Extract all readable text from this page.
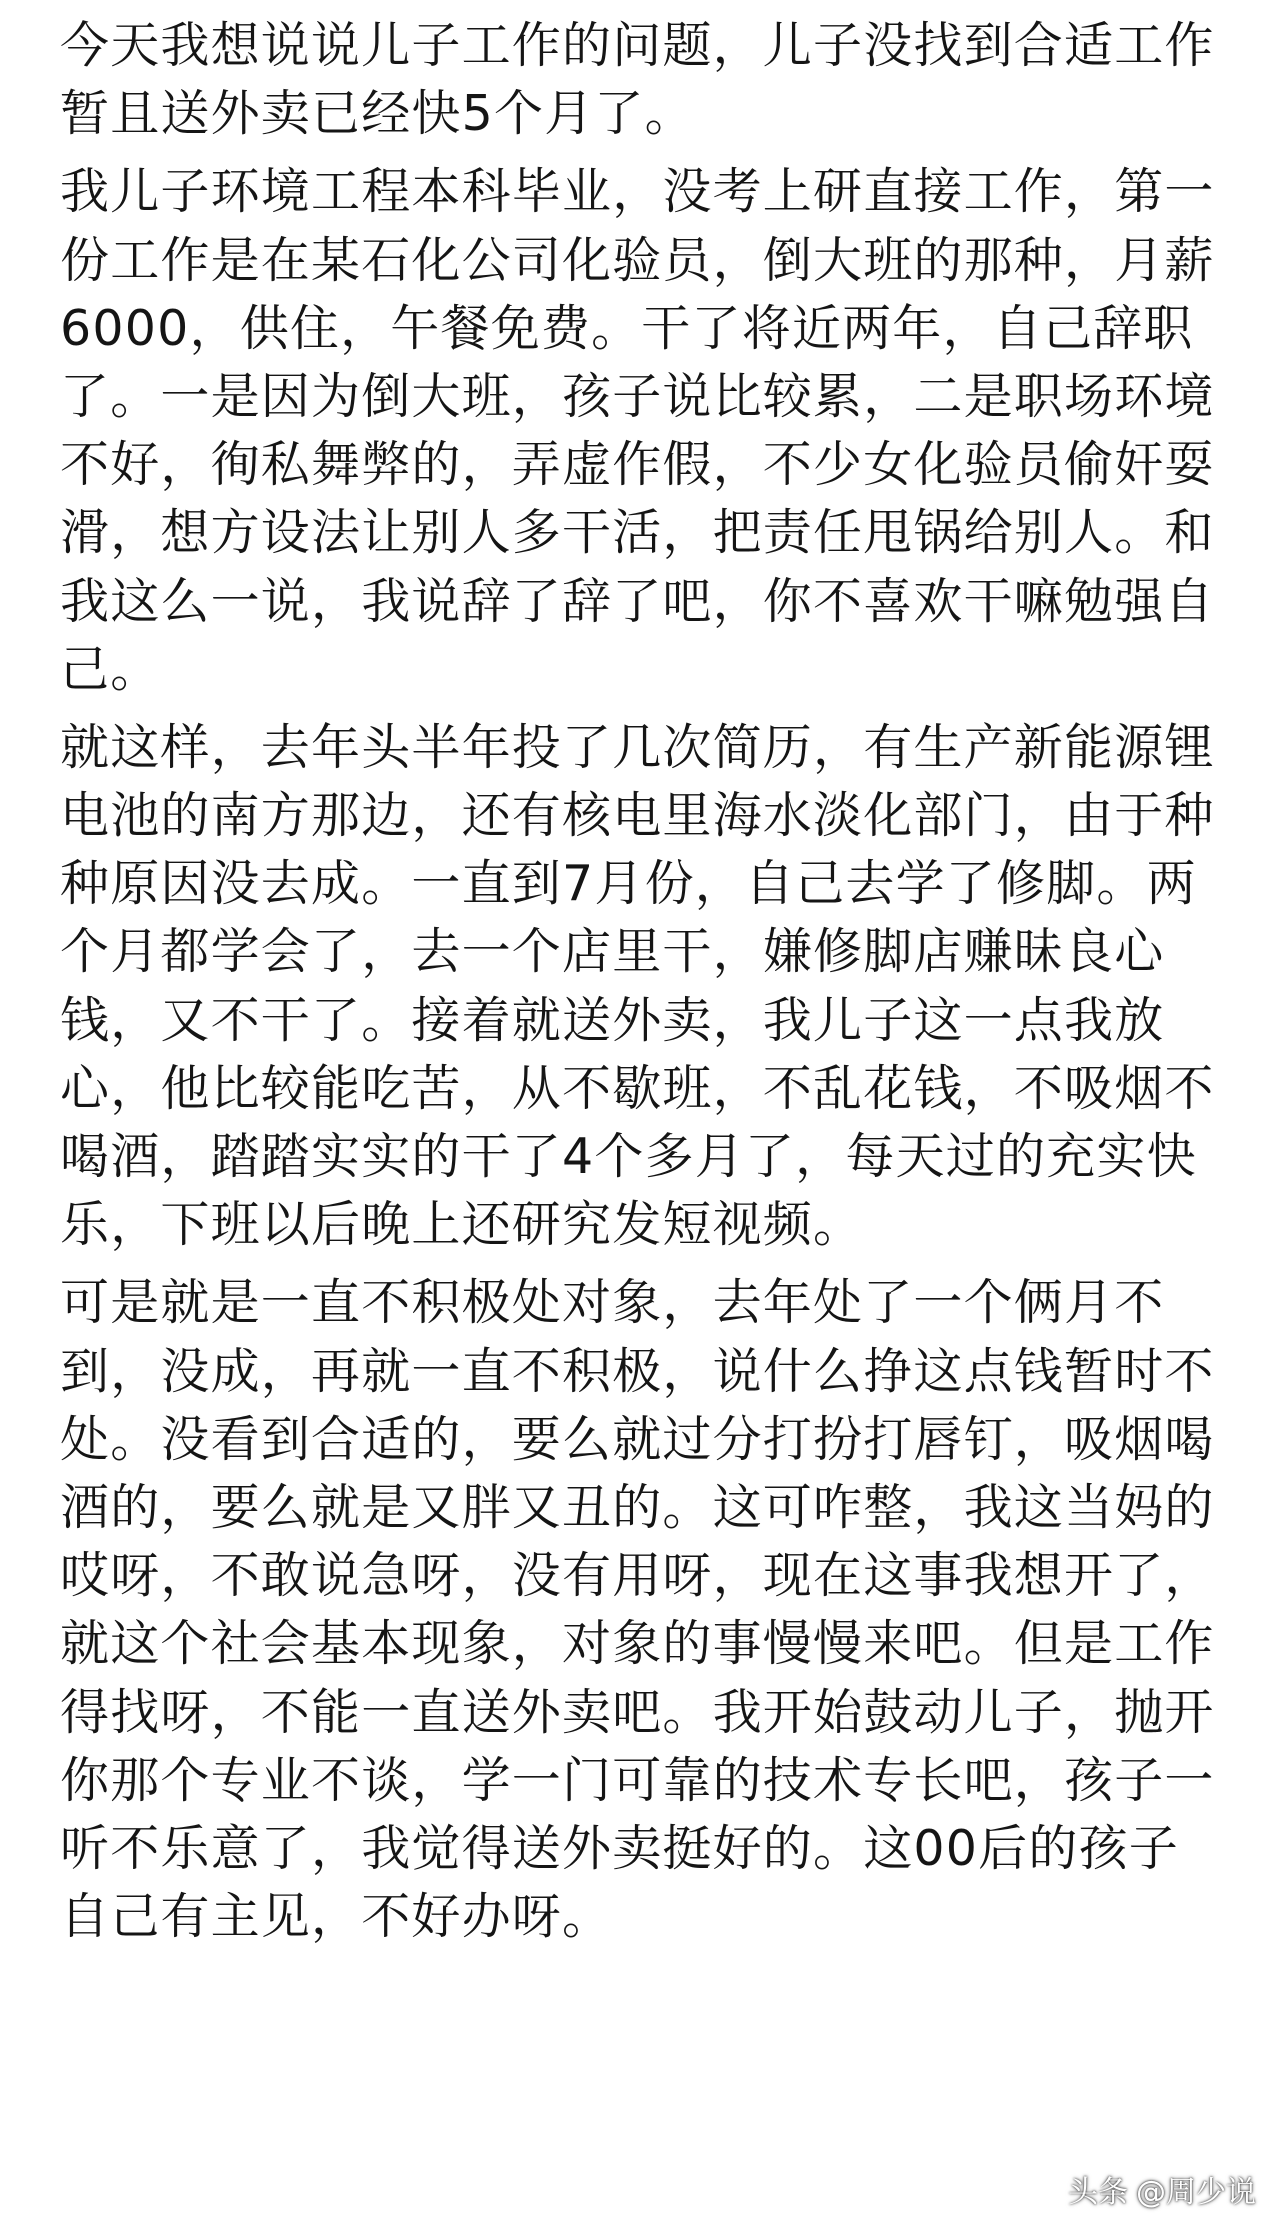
今天我想说说儿子工作的问题，儿子没找到合适工作
暂且送外卖已经快5个月了。
我儿子环境工程本科毕业，没考上研直接工作，第一
份工作是在某石化公司化验员，倒大班的那种，月薪
6000，供住，午餐免费。干了将近两年，自己辞职
了。一是因为倒大班，孩子说比较累，二是职场环境
不好，徇私舞弊的，弄虚作假，不少女化验员偷奸耍
滑，想方设法让别人多干活，把责任甩锅给别人。和
我这么一说，我说辞了辞了吧，你不喜欢干嘛勉强自
己。
就这样，去年头半年投了几次简历，有生产新能源锂
电池的南方那边，还有核电里海水淡化部门，由于种
种原因没去成。一直到7月份，自己去学了修脚。两
个月都学会了，去一个店里干，嫌修脚店赚昧良心
钱，又不干了。接着就送外卖，我儿子这一点我放
心，他比较能吃苦，从不歇班，不乱花钱，不吸烟不
喝酒，踏踏实实的干了4个多月了，每天过的充实快
乐，下班以后晚上还研究发短视频。
可是就是一直不积极处对象，去年处了一个俩月不
到，没成，再就一直不积极，说什么挣这点钱暂时不
处。没看到合适的，要么就过分打扮打唇钉，吸烟喝
酒的，要么就是又胖又丑的。这可咋整，我这当妈的
哎呀，不敢说急呀，没有用呀，现在这事我想开了，
就这个社会基本现象，对象的事慢慢来吧。但是工作
得找呀，不能一直送外卖吧。我开始鼓动儿子，抛开
你那个专业不谈，学一门可靠的技术专长吧，孩子一
听不乐意了，我觉得送外卖挺好的。这00后的孩子
自己有主见，不好办呀。
头条 @周少说
